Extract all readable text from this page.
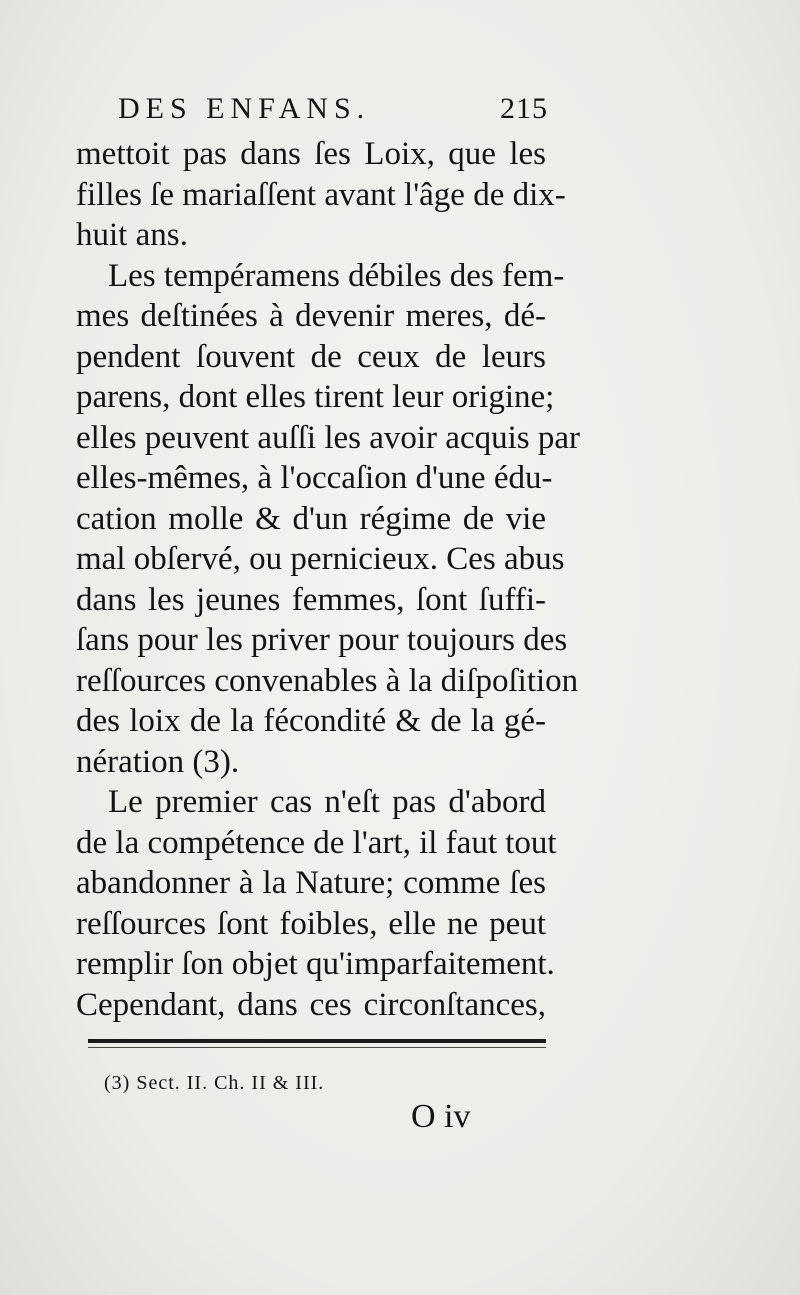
DES ENFANS.	215
mettoit pas dans ſes Loix, que les
filles ſe mariaſſent avant l'âge de dix-
huit ans.
Les tempéramens débiles des fem-
mes deſtinées à devenir meres, dé-
pendent ſouvent de ceux de leurs
parens, dont elles tirent leur origine;
elles peuvent auſſi les avoir acquis par
elles-mêmes, à l'occaſion d'une édu-
cation molle & d'un régime de vie
mal obſervé, ou pernicieux. Ces abus
dans les jeunes femmes, ſont ſuffi-
ſans pour les priver pour toujours des
reſſources convenables à la diſpoſition
des loix de la fécondité & de la gé-
nération (3).
Le premier cas n'eſt pas d'abord
de la compétence de l'art, il faut tout
abandonner à la Nature; comme ſes
reſſources ſont foibles, elle ne peut
remplir ſon objet qu'imparfaitement.
Cependant, dans ces circonſtances,
(3) Sect. II. Ch. II & III.
O iv
